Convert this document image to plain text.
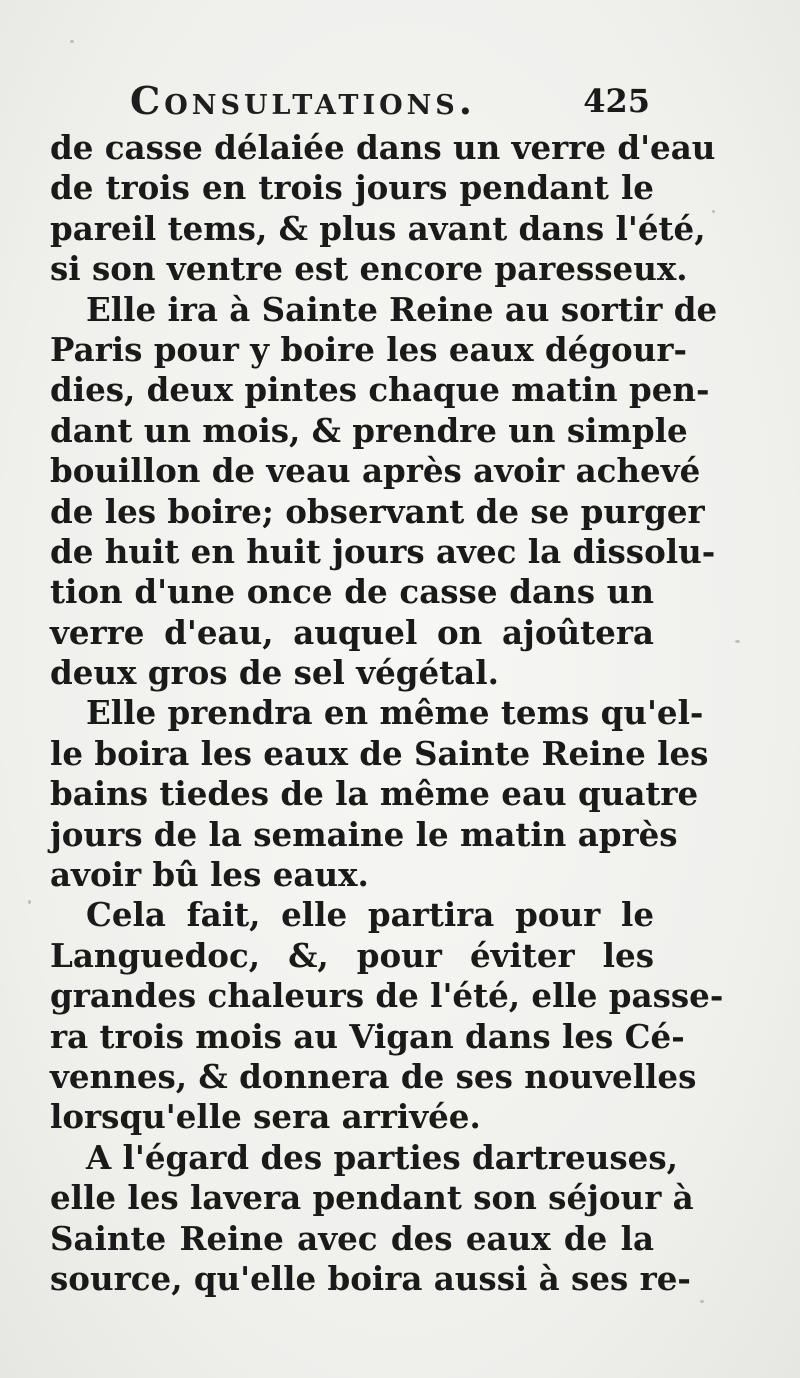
Consultations.	425
de casse délaiée dans un verre d'eau
de trois en trois jours pendant le
pareil tems, & plus avant dans l'été,
si son ventre est encore paresseux.
Elle ira à Sainte Reine au sortir de
Paris pour y boire les eaux dégour-
dies, deux pintes chaque matin pen-
dant un mois, & prendre un simple
bouillon de veau après avoir achevé
de les boire; observant de se purger
de huit en huit jours avec la dissolu-
tion d'une once de casse dans un
verre d'eau, auquel on ajoûtera
deux gros de sel végétal.
Elle prendra en même tems qu'el-
le boira les eaux de Sainte Reine les
bains tiedes de la même eau quatre
jours de la semaine le matin après
avoir bû les eaux.
Cela fait, elle partira pour le
Languedoc, &, pour éviter les
grandes chaleurs de l'été, elle passe-
ra trois mois au Vigan dans les Cé-
vennes, & donnera de ses nouvelles
lorsqu'elle sera arrivée.
A l'égard des parties dartreuses,
elle les lavera pendant son séjour à
Sainte Reine avec des eaux de la
source, qu'elle boira aussi à ses re-
